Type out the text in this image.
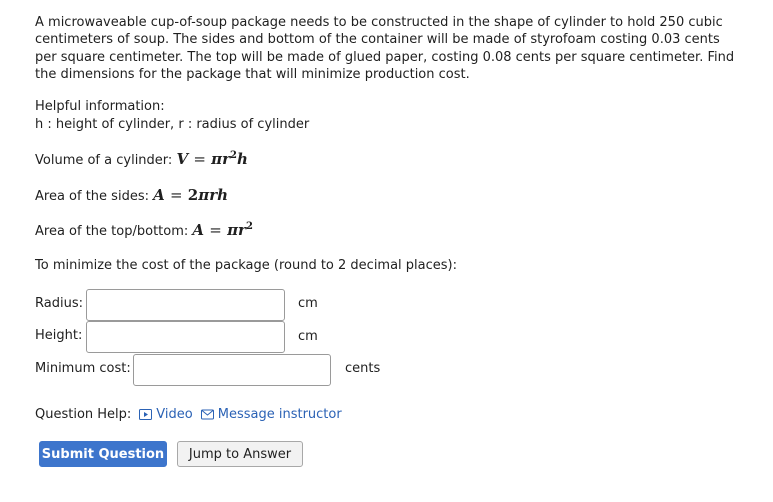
A microwaveable cup-of-soup package needs to be constructed in the shape of cylinder to hold 250 cubic centimeters of soup. The sides and bottom of the container will be made of styrofoam costing 0.03 cents per square centimeter. The top will be made of glued paper, costing 0.08 cents per square centimeter. Find the dimensions for the package that will minimize production cost.

Helpful information:
h : height of cylinder, r : radius of cylinder
Volume of a cylinder: $V = \pi r^2h$
Area of the sides: A = 2πrh
Area of the top/bottom: $A = \pi r^2$
To minimize the cost of the package (round to 2 decimal places):
Radius:	cm
Height:	cm
Minimum cost:	cents
Question Help: Video Message instructor
Submit Question	Jump to Answer
